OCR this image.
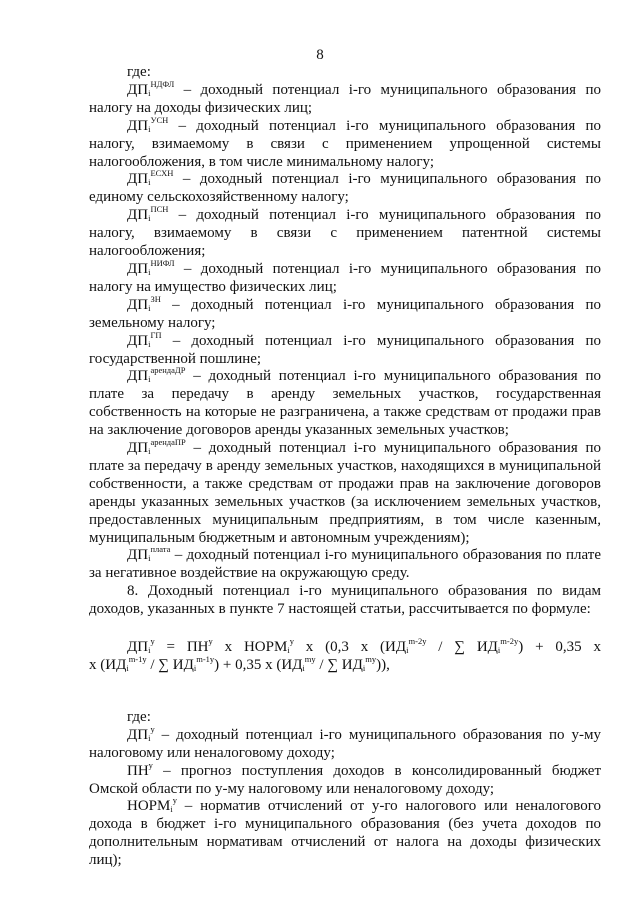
8

где:

$ДП_i^{НДФЛ}$ – доходный потенциал i-го муниципального образования по налогу на доходы физических лиц;

$ДП_i^{УСН}$ – доходный потенциал i-го муниципального образования по налогу, взимаемому в связи с применением упрощенной системы налогообложения, в том числе минимальному налогу;

$ДП_i^{ЕСХН}$ – доходный потенциал i-го муниципального образования по единому сельскохозяйственному налогу;

$ДП_i^{ПСН}$ – доходный потенциал i-го муниципального образования по налогу, взимаемому в связи с применением патентной системы налогообложения;

$ДП_i^{НИФЛ}$ – доходный потенциал i-го муниципального образования по налогу на имущество физических лиц;

$ДП_i^{ЗН}$ – доходный потенциал i-го муниципального образования по земельному налогу;

$ДП_i^{ГП}$ – доходный потенциал i-го муниципального образования по государственной пошлине;

$ДП_i^{арендаДР}$ – доходный потенциал i-го муниципального образования по плате за передачу в аренду земельных участков, государственная собственность на которые не разграничена, а также средствам от продажи прав на заключение договоров аренды указанных земельных участков;

$ДП_i^{арендаПР}$ – доходный потенциал i-го муниципального образования по плате за передачу в аренду земельных участков, находящихся в муниципальной собственности, а также средствам от продажи прав на заключение договоров аренды указанных земельных участков (за исключением земельных участков, предоставленных муниципальным предприятиям, в том числе казенным, муниципальным бюджетным и автономным учреждениям);

$ДП_i^{плата}$ – доходный потенциал i-го муниципального образования по плате за негативное воздействие на окружающую среду.

8. Доходный потенциал i-го муниципального образования по видам доходов, указанных в пункте 7 настоящей статьи, рассчитывается по формуле:

$ДП_i^у = ПН^у$ х $НОРМ_i^у$ х (0,3 х ($ИД_i^{m-2у}$ / ∑ $ИД_i^{m-2у}) + 0,35$ х

х ($ИД_i^{m-1у}$ / ∑ $ИД_i^{m-1у}) + 0,35$ х ($ИД_i^{mу}$ / ∑ $ИД_i^{mу}$)),

где:

$ДП_i^у$ – доходный потенциал i-го муниципального образования по у-му налоговому или неналоговому доходу;

$ПН^у$ – прогноз поступления доходов в консолидированный бюджет Омской области по у-му налоговому или неналоговому доходу;

$НОРМ_i^у$ – норматив отчислений от у-го налогового или неналогового дохода в бюджет i-го муниципального образования (без учета доходов по дополнительным нормативам отчислений от налога на доходы физических лиц);
